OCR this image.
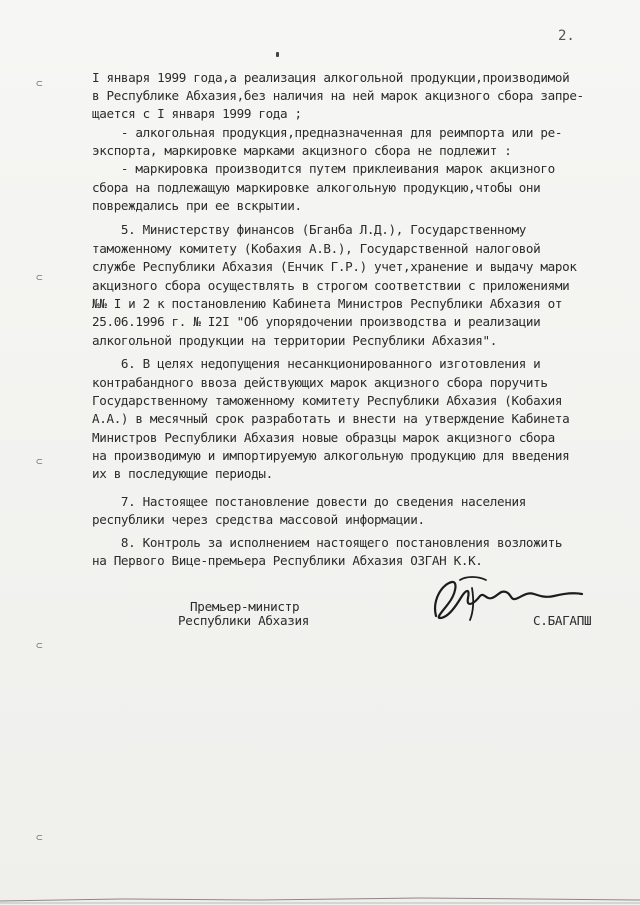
2.
I января 1999 года,а реализация алкогольной продукции,производимой
в Республике Абхазия,без наличия на ней марок акцизного сбора запре-
щается с I января 1999 года ;
- алкогольная продукция,предназначенная для реимпорта или ре-
экспорта, маркировке марками акцизного сбора не подлежит :
- маркировка производится путем приклеивания марок акцизного
сбора на подлежащую маркировке алкогольную продукцию,чтобы они
повреждались при ее вскрытии.
5. Министерству финансов (Бганба Л.Д.), Государственному
таможенному комитету (Кобахия А.В.), Государственной налоговой
службе Республики Абхазия (Енчик Г.Р.) учет,хранение и выдачу марок
акцизного сбора осуществлять в строгом соответствии с приложениями
№№ I и 2 к постановлению Кабинета Министров Республики Абхазия от
25.06.1996 г. № I2I "Об упорядочении производства и реализации
алкогольной продукции на территории Республики Абхазия".
6. В целях недопущения несанкционированного изготовления и
контрабандного ввоза действующих марок акцизного сбора поручить
Государственному таможенному комитету Республики Абхазия (Кобахия
А.А.) в месячный срок разработать и внести на утверждение Кабинета
Министров Республики Абхазия новые образцы марок акцизного сбора
на производимую и импортируемую алкогольную продукцию для введения
их в последующие периоды.
7. Настоящее постановление довести до сведения населения
республики через средства массовой информации.
8. Контроль за исполнением настоящего постановления возложить
на Первого Вице-премьера Республики Абхазия ОЗГАН К.К.
⊂
⊂
⊂
⊂
⊂
Премьер-министр
Республики Абхазия	С.БАГАПШ
